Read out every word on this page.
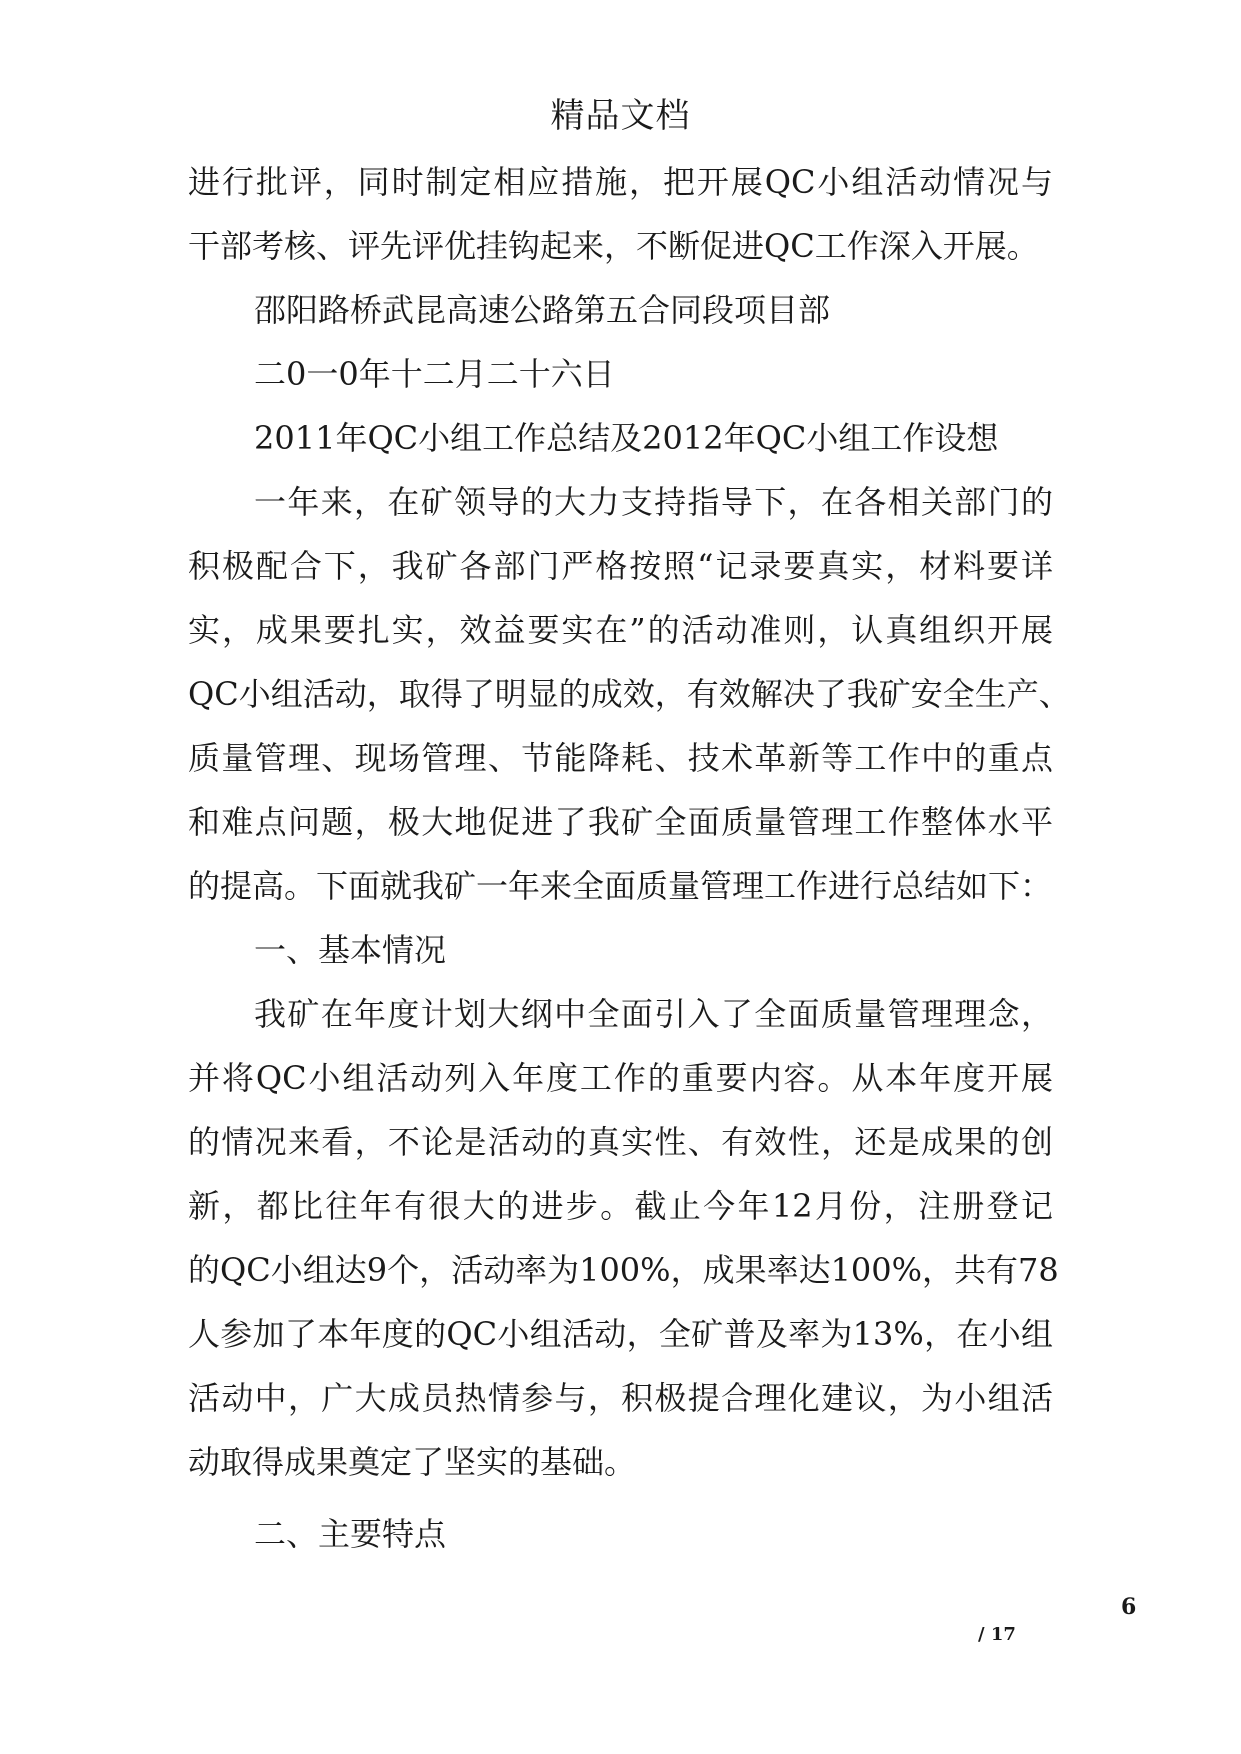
精品文档
进行批评，同时制定相应措施，把开展QC小组活动情况与
干部考核、评先评优挂钩起来，不断促进QC工作深入开展。
邵阳路桥武昆高速公路第五合同段项目部
二0一0年十二月二十六日
2011年QC小组工作总结及2012年QC小组工作设想
一年来，在矿领导的大力支持指导下，在各相关部门的
积极配合下，我矿各部门严格按照“记录要真实，材料要详
实，成果要扎实，效益要实在”的活动准则，认真组织开展
QC小组活动，取得了明显的成效，有效解决了我矿安全生产、
质量管理、现场管理、节能降耗、技术革新等工作中的重点
和难点问题，极大地促进了我矿全面质量管理工作整体水平
的提高。下面就我矿一年来全面质量管理工作进行总结如下：
一、基本情况
我矿在年度计划大纲中全面引入了全面质量管理理念，
并将QC小组活动列入年度工作的重要内容。从本年度开展
的情况来看，不论是活动的真实性、有效性，还是成果的创
新，都比往年有很大的进步。截止今年12月份，注册登记
的QC小组达9个，活动率为100%，成果率达100%，共有78
人参加了本年度的QC小组活动，全矿普及率为13%，在小组
活动中，广大成员热情参与，积极提合理化建议，为小组活
动取得成果奠定了坚实的基础。
二、主要特点
6
/ 17
